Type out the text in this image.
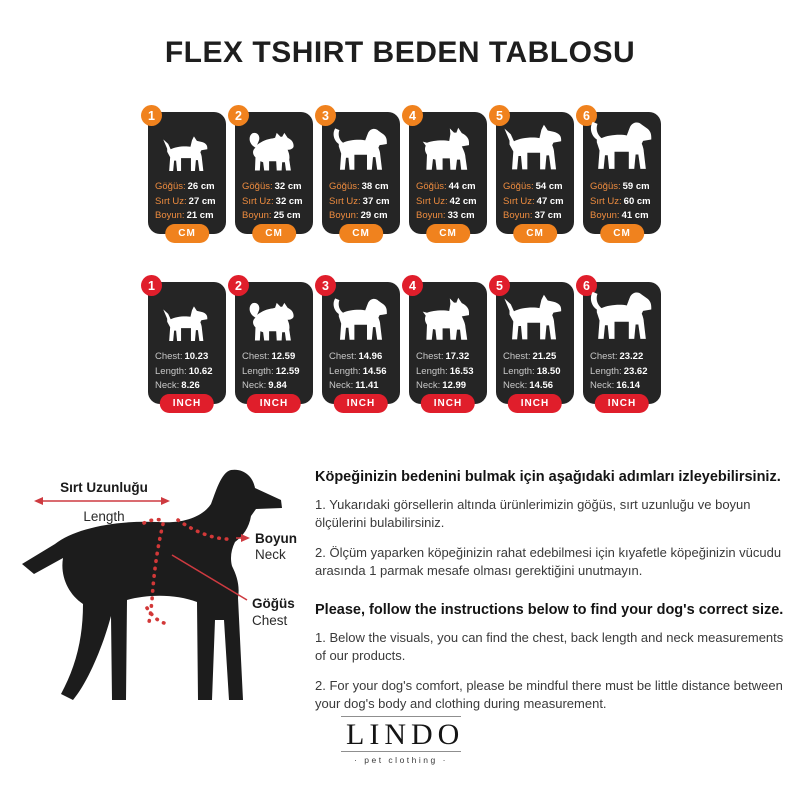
FLEX TSHIRT BEDEN TABLOSU
1
Göğüs: 26 cm
Sırt Uz: 27 cm
Boyun: 21 cm
CM
2
Göğüs: 32 cm
Sırt Uz: 32 cm
Boyun: 25 cm
CM
3
Göğüs: 38 cm
Sırt Uz: 37 cm
Boyun: 29 cm
CM
4
Göğüs: 44 cm
Sırt Uz: 42 cm
Boyun: 33 cm
CM
5
Göğüs: 54 cm
Sırt Uz: 47 cm
Boyun: 37 cm
CM
6
Göğüs: 59 cm
Sırt Uz: 60 cm
Boyun: 41 cm
CM
1
Chest: 10.23
Length: 10.62
Neck: 8.26
INCH
2
Chest: 12.59
Length: 12.59
Neck: 9.84
INCH
3
Chest: 14.96
Length: 14.56
Neck: 11.41
INCH
4
Chest: 17.32
Length: 16.53
Neck: 12.99
INCH
5
Chest: 21.25
Length: 18.50
Neck: 14.56
INCH
6
Chest: 23.22
Length: 23.62
Neck: 16.14
INCH
Sırt Uzunluğu
Length
Boyun
Neck
Göğüs
Chest

Köpeğinizin bedenini bulmak için aşağıdaki adımları izleyebilirsiniz.

1. Yukarıdaki görsellerin altında ürünlerimizin göğüs, sırt uzunluğu ve boyun ölçülerini bulabilirsiniz.

2. Ölçüm yaparken köpeğinizin rahat edebilmesi için kıyafetle köpeğinizin vücudu arasında 1 parmak mesafe olması gerektiğini unutmayın.

Please, follow the instructions below to find your dog's correct size.

1. Below the visuals, you can find the chest, back length and neck measurements of our products.

2. For your dog's comfort, please be mindful there must be little distance between your dog's body and clothing during measurement.

LINDO
· pet clothing ·
